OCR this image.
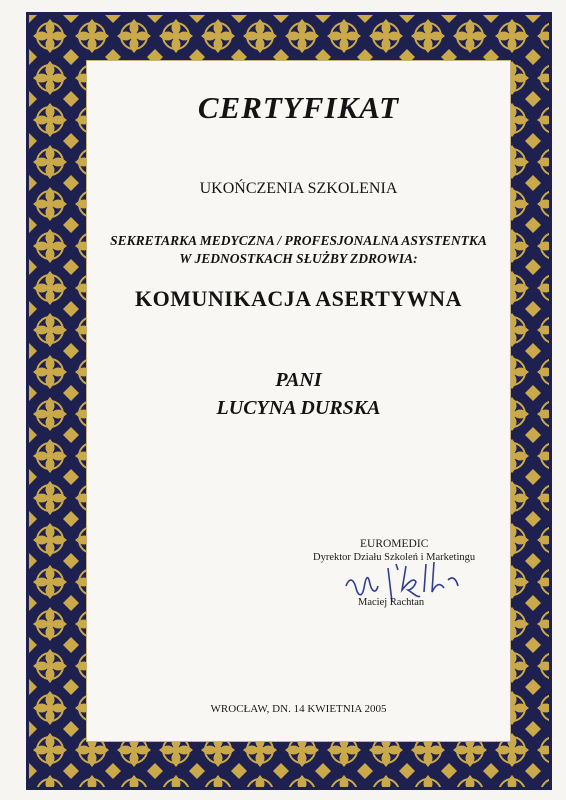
CERTYFIKAT
UKOŃCZENIA SZKOLENIA
SEKRETARKA MEDYCZNA / PROFESJONALNA ASYSTENTKA
W JEDNOSTKACH SŁUŻBY ZDROWIA:
KOMUNIKACJA ASERTYWNA
PANI
LUCYNA DURSKA
EUROMEDIC
Dyrektor Działu Szkoleń i Marketingu
Maciej Rachtan
WROCŁAW, DN. 14 KWIETNIA 2005
